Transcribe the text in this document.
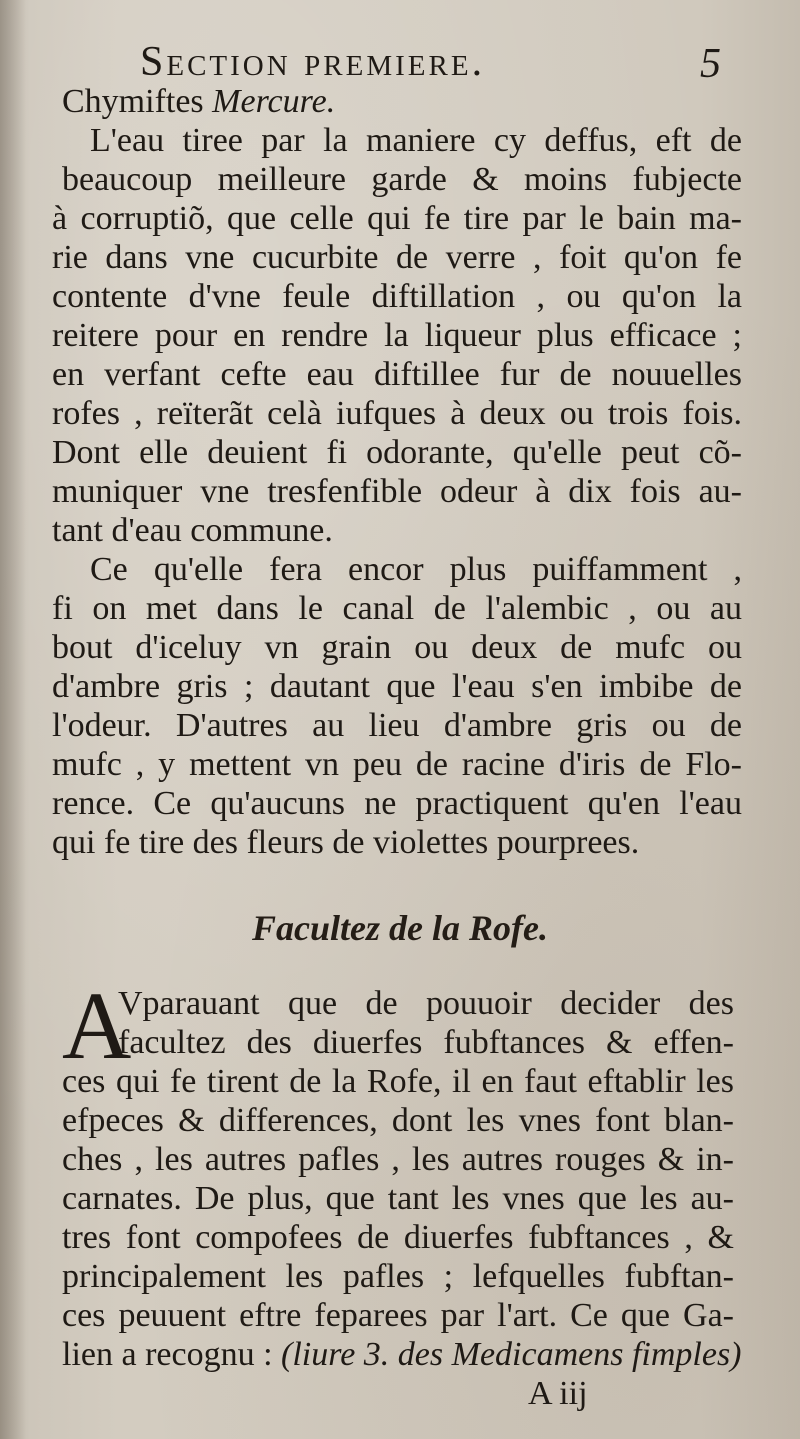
Section premiere.	5
Chymiftes Mercure.
L'eau tiree par la maniere cy deffus, eft de
beaucoup meilleure garde & moins fubjecte
à corruptiõ, que celle qui fe tire par le bain ma-
rie dans vne cucurbite de verre , foit qu'on fe
contente d'vne feule diftillation , ou qu'on la
reitere pour en rendre la liqueur plus efficace ;
en verfant cefte eau diftillee fur de nouuelles
rofes , reïterãt celà iufques à deux ou trois fois.
Dont elle deuient fi odorante, qu'elle peut cõ-
muniquer vne tresfenfible odeur à dix fois au-
tant d'eau commune.
Ce qu'elle fera encor plus puiffamment ,
fi on met dans le canal de l'alembic , ou au
bout d'iceluy vn grain ou deux de mufc ou
d'ambre gris ; dautant que l'eau s'en imbibe de
l'odeur. D'autres au lieu d'ambre gris ou de
mufc , y mettent vn peu de racine d'iris de Flo-
rence. Ce qu'aucuns ne practiquent qu'en l'eau
qui fe tire des fleurs de violettes pourprees.
Facultez de la Rofe.
A
Vparauant que de pouuoir decider des
facultez des diuerfes fubftances & effen-
ces qui fe tirent de la Rofe, il en faut eftablir les
efpeces & differences, dont les vnes font blan-
ches , les autres pafles , les autres rouges & in-
carnates. De plus, que tant les vnes que les au-
tres font compofees de diuerfes fubftances , &
principalement les pafles ; lefquelles fubftan-
ces peuuent eftre feparees par l'art. Ce que Ga-
lien a recognu : (liure 3. des Medicamens fimples)
A iij
